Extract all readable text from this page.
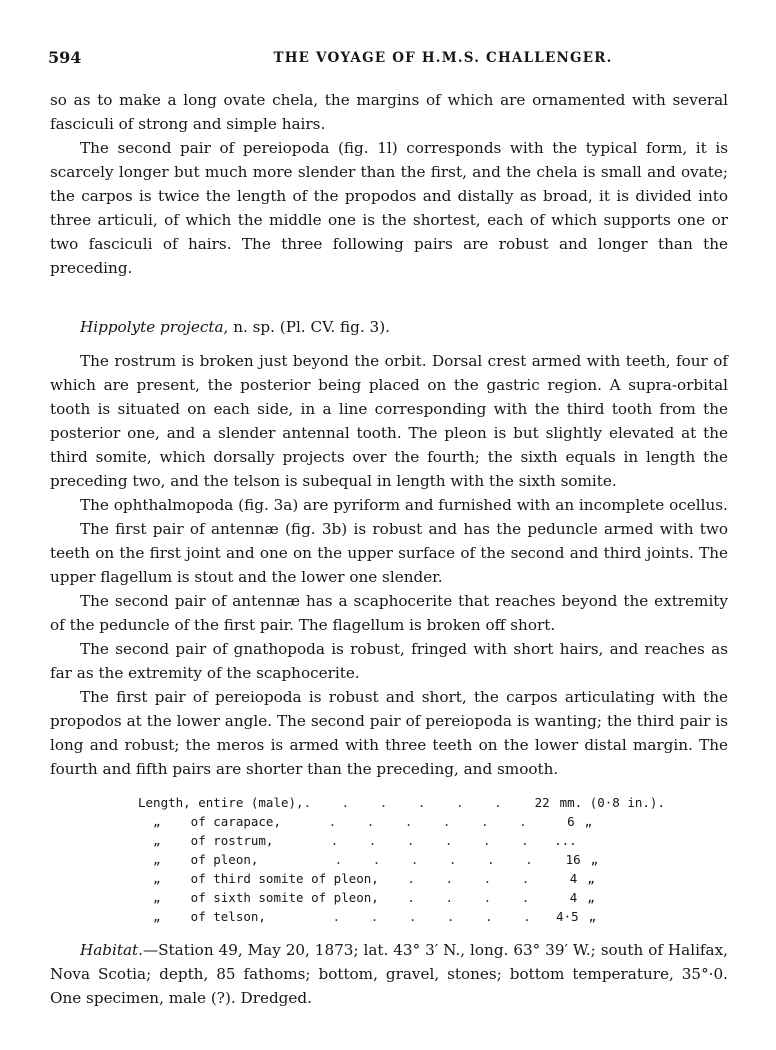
594	THE VOYAGE OF H.M.S. CHALLENGER.

so as to make a long ovate chela, the margins of which are ornamented with several fasciculi of strong and simple hairs.

The second pair of pereiopoda (fig. 1l) corresponds with the typical form, it is scarcely longer but much more slender than the first, and the chela is small and ovate; the carpos is twice the length of the propodos and distally as broad, it is divided into three articuli, of which the middle one is the shortest, each of which supports one or two fasciculi of hairs. The three following pairs are robust and longer than the preceding.

Hippolyte projecta, n. sp. (Pl. CV. fig. 3).

The rostrum is broken just beyond the orbit. Dorsal crest armed with teeth, four of which are present, the posterior being placed on the gastric region. A supra-orbital tooth is situated on each side, in a line corresponding with the third tooth from the posterior one, and a slender antennal tooth. The pleon is but slightly elevated at the third somite, which dorsally projects over the fourth; the sixth equals in length the preceding two, and the telson is subequal in length with the sixth somite.

The ophthalmopoda (fig. 3a) are pyriform and furnished with an incomplete ocellus.

The first pair of antennæ (fig. 3b) is robust and has the peduncle armed with two teeth on the first joint and one on the upper surface of the second and third joints. The upper flagellum is stout and the lower one slender.

The second pair of antennæ has a scaphocerite that reaches beyond the extremity of the peduncle of the first pair. The flagellum is broken off short.

The second pair of gnathopoda is robust, fringed with short hairs, and reaches as far as the extremity of the scaphocerite.

The first pair of pereiopoda is robust and short, the carpos articulating with the propodos at the lower angle. The second pair of pereiopoda is wanting; the third pair is long and robust; the meros is armed with three teeth on the lower distal margin. The fourth and fifth pairs are shorter than the preceding, and smooth.

Length, entire (male), .   .   .   .   .   .	22 mm. (0·8 in.).
„    of carapace, .   .   .   .   .   .	6 „
„    of rostrum, .   .   .   .   .   .	...
„    of pleon, .   .   .   .   .   .	16 „
„    of third somite of pleon, .   .   .   .	4 „
„    of sixth somite of pleon, .   .   .   .	4 „
„    of telson, .   .   .   .   .   .	4·5 „

Habitat.—Station 49, May 20, 1873; lat. 43° 3′ N., long. 63° 39′ W.; south of Halifax, Nova Scotia; depth, 85 fathoms; bottom, gravel, stones; bottom temperature, 35°·0. One specimen, male (?). Dredged.
